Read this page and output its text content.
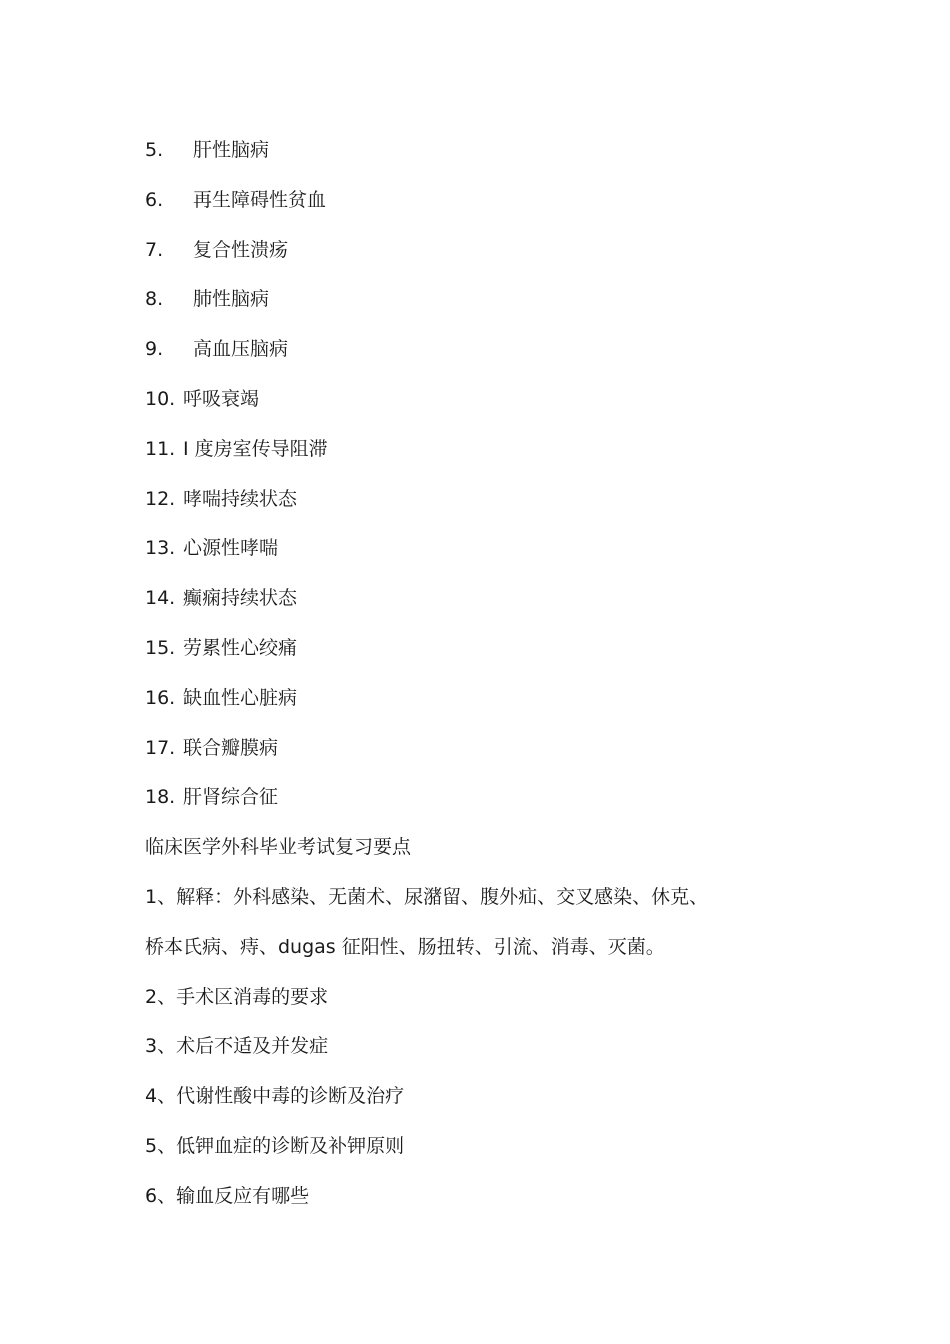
5. 肝性脑病
6. 再生障碍性贫血
7. 复合性溃疡
8. 肺性脑病
9. 高血压脑病
10. 呼吸衰竭
11. Ⅰ 度房室传导阻滞
12. 哮喘持续状态
13. 心源性哮喘
14. 癫痫持续状态
15. 劳累性心绞痛
16. 缺血性心脏病
17. 联合瓣膜病
18. 肝肾综合征
临床医学外科毕业考试复习要点
1、解释：外科感染、无菌术、尿潴留、腹外疝、交叉感染、休克、
桥本氏病、痔、dugas 征阳性、肠扭转、引流、消毒、灭菌。
2、手术区消毒的要求
3、术后不适及并发症
4、代谢性酸中毒的诊断及治疗
5、低钾血症的诊断及补钾原则
6、输血反应有哪些
